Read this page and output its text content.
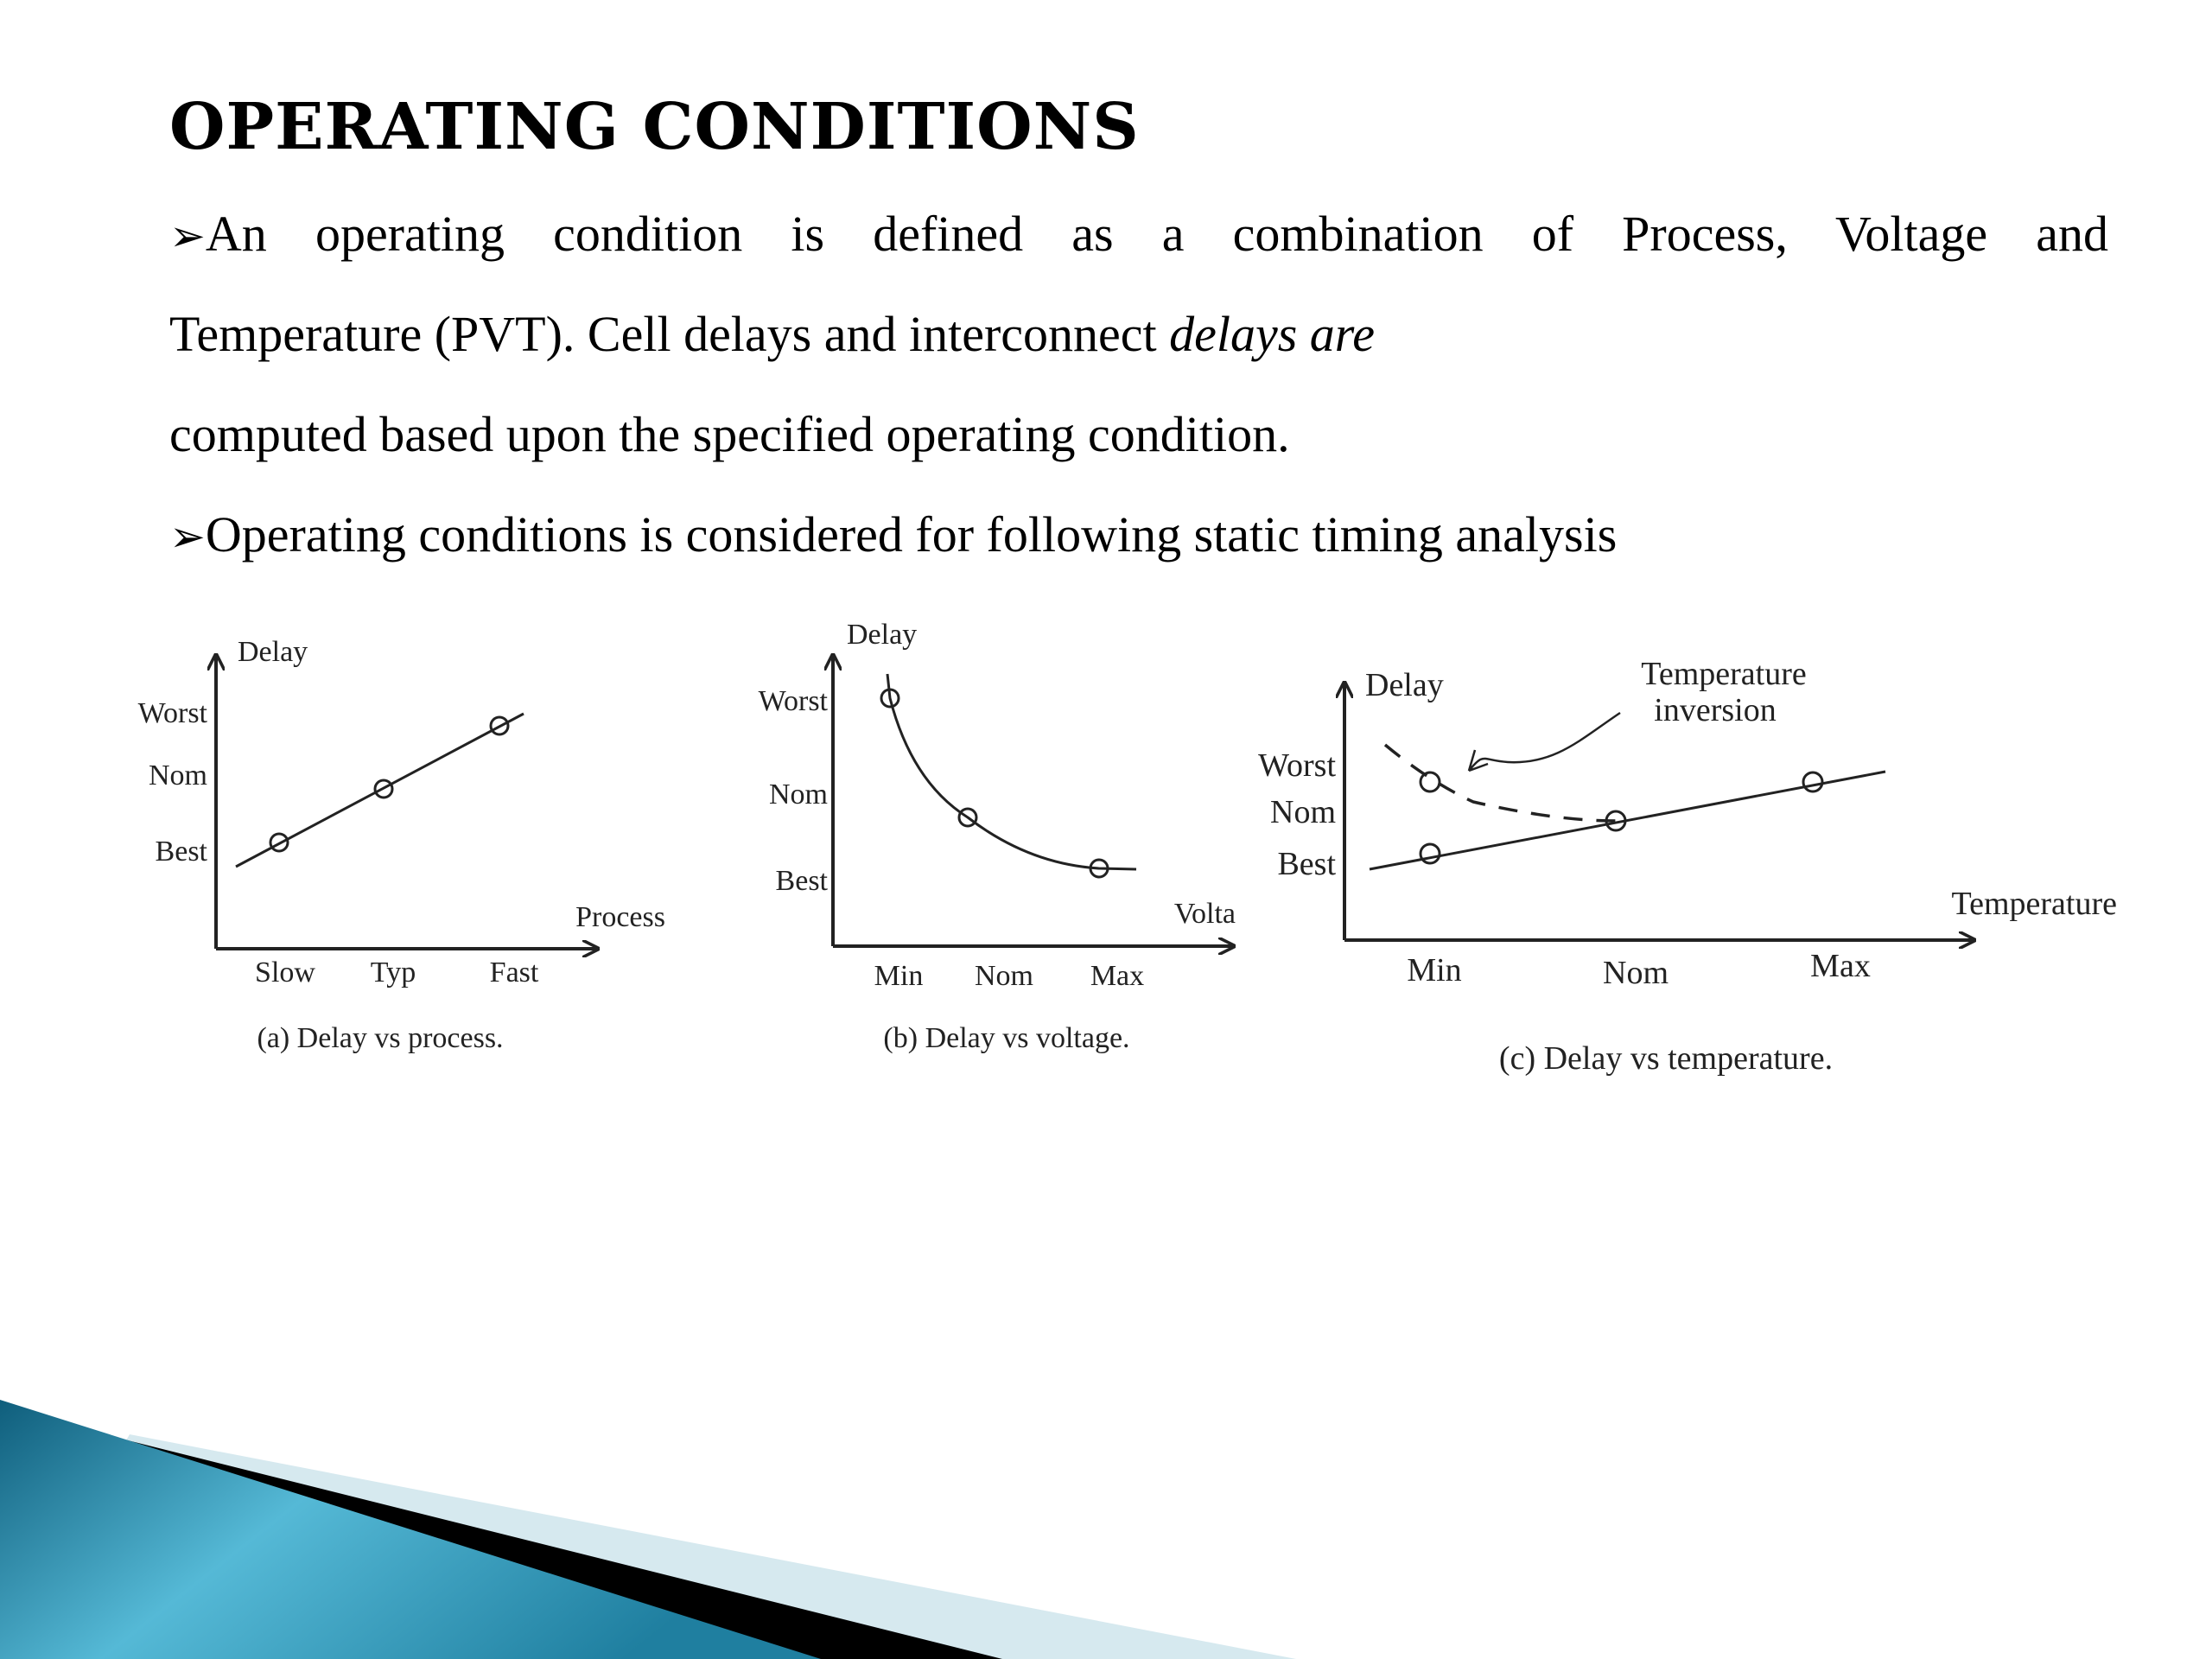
OPERATING CONDITIONS

➢An operating condition is defined as a combination of Process, Voltage and

Temperature (PVT). Cell delays and interconnect delays are

computed based upon the specified operating condition.

➢Operating conditions is considered for following static timing analysis

Delay
Process
Best
Nom
Worst
Slow Typ	Fast
(a) Delay vs process.
Delay
Volta
Best
Nom
Worst
Min Nom Max
(b) Delay vs voltage.
Delay
Temperature
Best
Nom
Worst
Min	Nom	Max
Temperature
inversion
(c) Delay vs temperature.
